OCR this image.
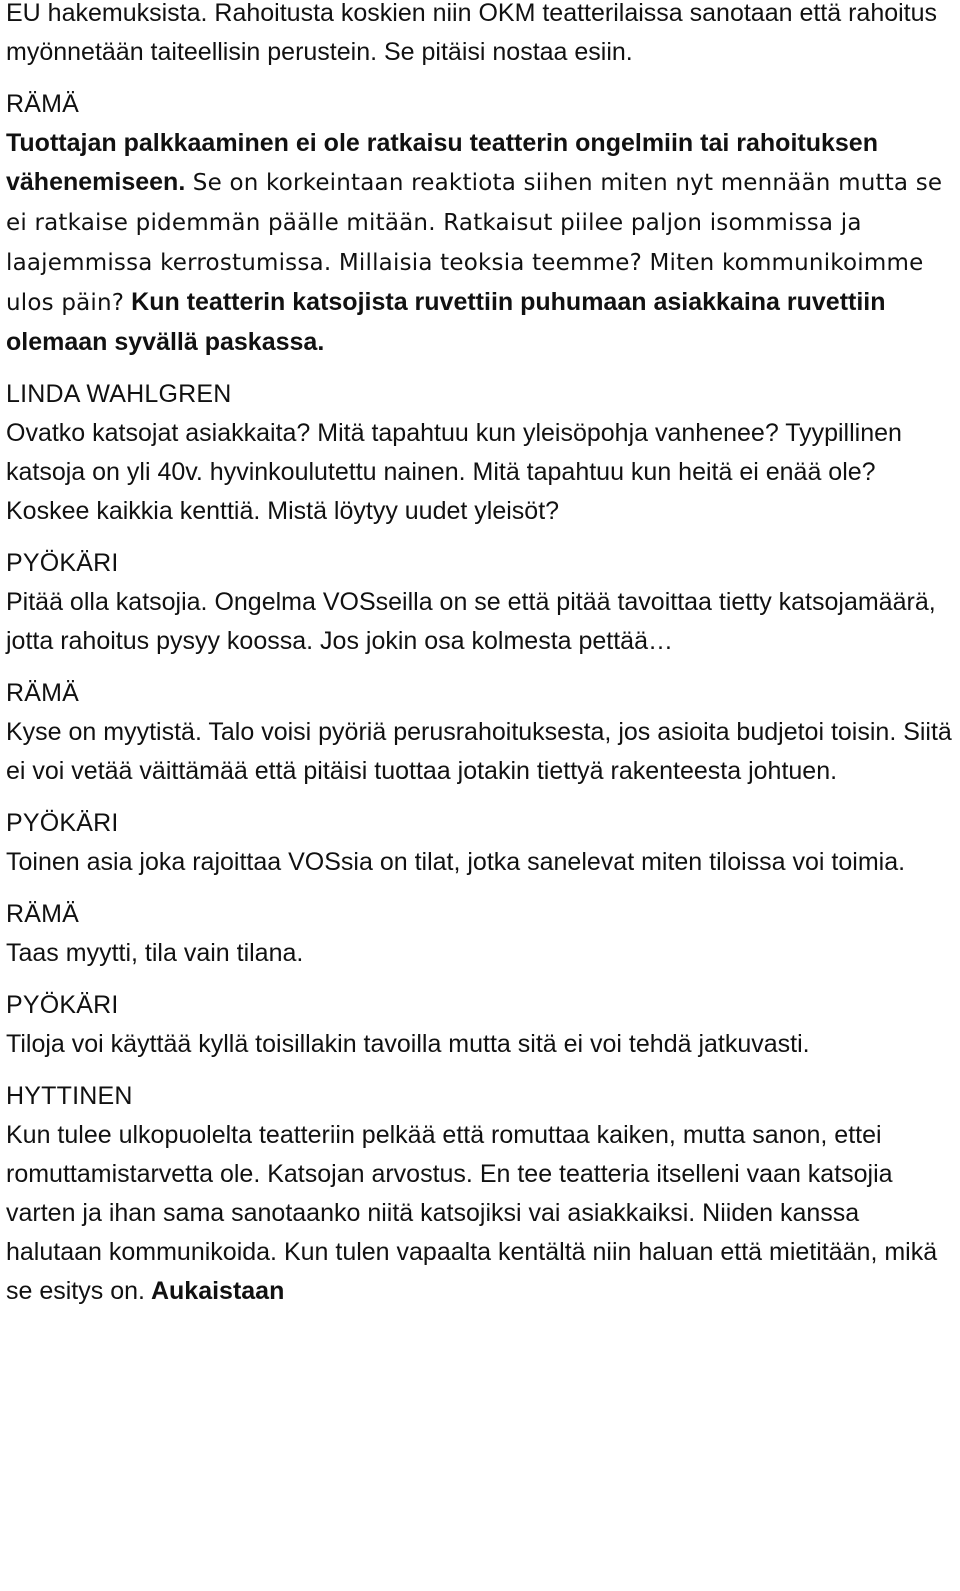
EU hakemuksista. Rahoitusta koskien niin OKM teatterilaissa sanotaan että rahoitus myönnetään taiteellisin perustein. Se pitäisi nostaa esiin.

RÄMÄ

Tuottajan palkkaaminen ei ole ratkaisu teatterin ongelmiin tai rahoituksen vähenemiseen. Se on korkeintaan reaktiota siihen miten nyt mennään mutta se ei ratkaise pidemmän päälle mitään. Ratkaisut piilee paljon isommissa ja laajemmissa kerrostumissa. Millaisia teoksia teemme? Miten kommunikoimme ulos päin? Kun teatterin katsojista ruvettiin puhumaan asiakkaina ruvettiin olemaan syvällä paskassa.

LINDA WAHLGREN

Ovatko katsojat asiakkaita? Mitä tapahtuu kun yleisöpohja vanhenee? Tyypillinen katsoja on yli 40v. hyvinkoulutettu nainen. Mitä tapahtuu kun heitä ei enää ole? Koskee kaikkia kenttiä. Mistä löytyy uudet yleisöt?

PYÖKÄRI

Pitää olla katsojia. Ongelma VOSseilla on se että pitää tavoittaa tietty katsojamäärä, jotta rahoitus pysyy koossa. Jos jokin osa kolmesta pettää…

RÄMÄ

Kyse on myytistä. Talo voisi pyöriä perusrahoituksesta, jos asioita budjetoi toisin. Siitä ei voi vetää väittämää että pitäisi tuottaa jotakin tiettyä rakenteesta johtuen.

PYÖKÄRI

Toinen asia joka rajoittaa VOSsia on tilat, jotka sanelevat miten tiloissa voi toimia.

RÄMÄ

Taas myytti, tila vain tilana.

PYÖKÄRI

Tiloja voi käyttää kyllä toisillakin tavoilla mutta sitä ei voi tehdä jatkuvasti.

HYTTINEN

Kun tulee ulkopuolelta teatteriin pelkää että romuttaa kaiken, mutta sanon, ettei romuttamistarvetta ole. Katsojan arvostus. En tee teatteria itselleni vaan katsojia varten ja ihan sama sanotaanko niitä katsojiksi vai asiakkaiksi. Niiden kanssa halutaan kommunikoida. Kun tulen vapaalta kentältä niin haluan että mietitään, mikä se esitys on. Aukaistaan
